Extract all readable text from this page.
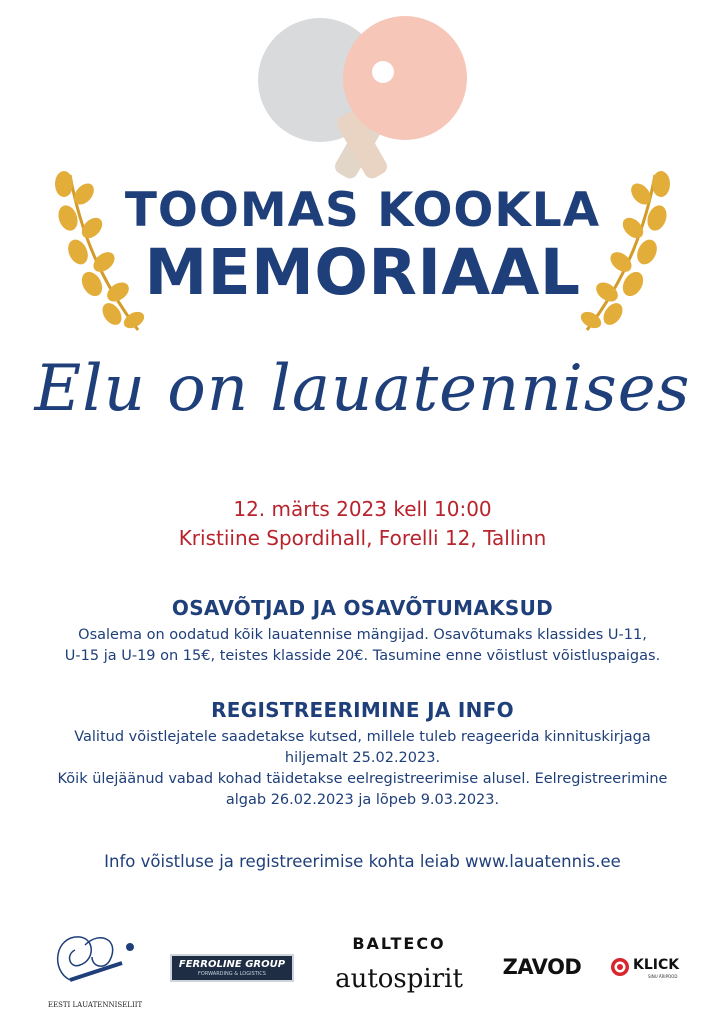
TOOMAS KOOKLA
MEMORIAAL
Elu on lauatennises
12. märts 2023 kell 10:00
Kristiine Spordihall, Forelli 12, Tallinn
OSAVÕTJAD JA OSAVÕTUMAKSUD
Osalema on oodatud kõik lauatennise mängijad. Osavõtumaks klassides U-11,
U-15 ja U-19 on 15€, teistes klasside 20€. Tasumine enne võistlust võistluspaigas.
REGISTREERIMINE JA INFO
Valitud võistlejatele saadetakse kutsed, millele tuleb reageerida kinnituskirjaga
hiljemalt 25.02.2023.
Kõik ülejäänud vabad kohad täidetakse eelregistreerimise alusel. Eelregistreerimine
algab 26.02.2023 ja lõpeb 9.03.2023.
Info võistluse ja registreerimise kohta leiab www.lauatennis.ee
EESTI LAUATENNISELIIT
FERROLINE GROUP
FORWARDING & LOGISTICS
BALTECO
autospirit ZAVOD	KLICK
SINU ÄRIPOOD
